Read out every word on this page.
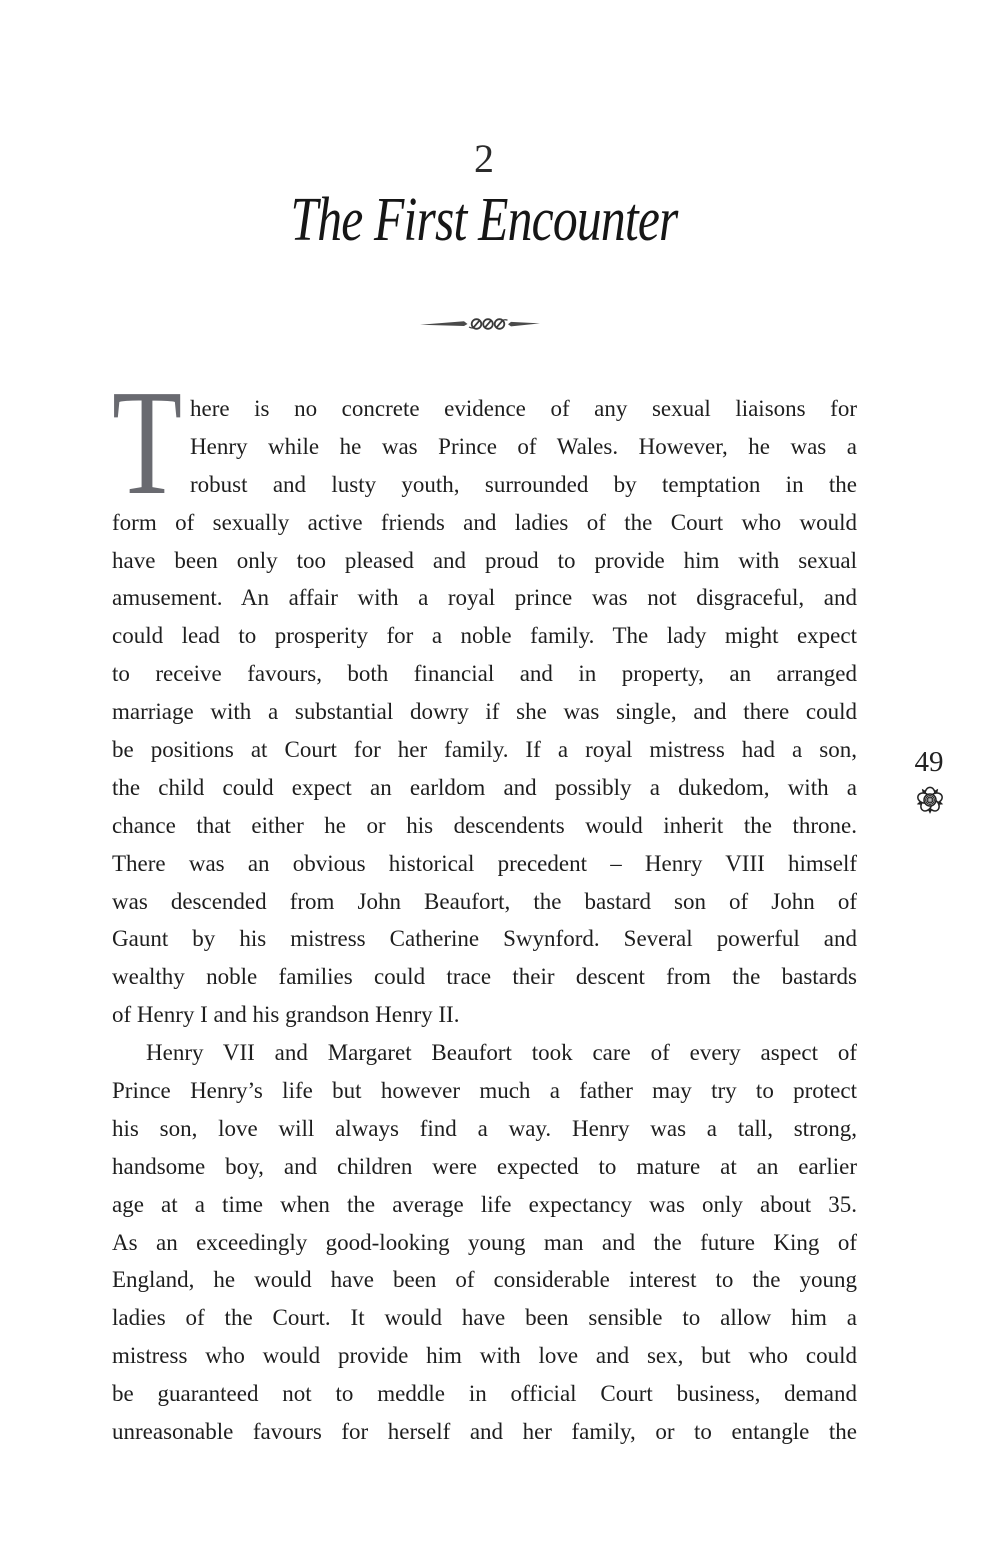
2
The First Encounter
T here is no concrete evidence of any sexual liaisons for
Henry while he was Prince of Wales. However, he was a
robust and lusty youth, surrounded by temptation in the
form of sexually active friends and ladies of the Court who would
have been only too pleased and proud to provide him with sexual
amusement. An affair with a royal prince was not disgraceful, and
could lead to prosperity for a noble family. The lady might expect
to receive favours, both financial and in property, an arranged
marriage with a substantial dowry if she was single, and there could
be positions at Court for her family. If a royal mistress had a son,
the child could expect an earldom and possibly a dukedom, with a
chance that either he or his descendents would inherit the throne.
There was an obvious historical precedent – Henry VIII himself
was descended from John Beaufort, the bastard son of John of
Gaunt by his mistress Catherine Swynford. Several powerful and
wealthy noble families could trace their descent from the bastards
of Henry I and his grandson Henry II.
Henry VII and Margaret Beaufort took care of every aspect of
Prince Henry’s life but however much a father may try to protect
his son, love will always find a way. Henry was a tall, strong,
handsome boy, and children were expected to mature at an earlier
age at a time when the average life expectancy was only about 35.
As an exceedingly good-looking young man and the future King of
England, he would have been of considerable interest to the young
ladies of the Court. It would have been sensible to allow him a
mistress who would provide him with love and sex, but who could
be guaranteed not to meddle in official Court business, demand
unreasonable favours for herself and her family, or to entangle the
49
